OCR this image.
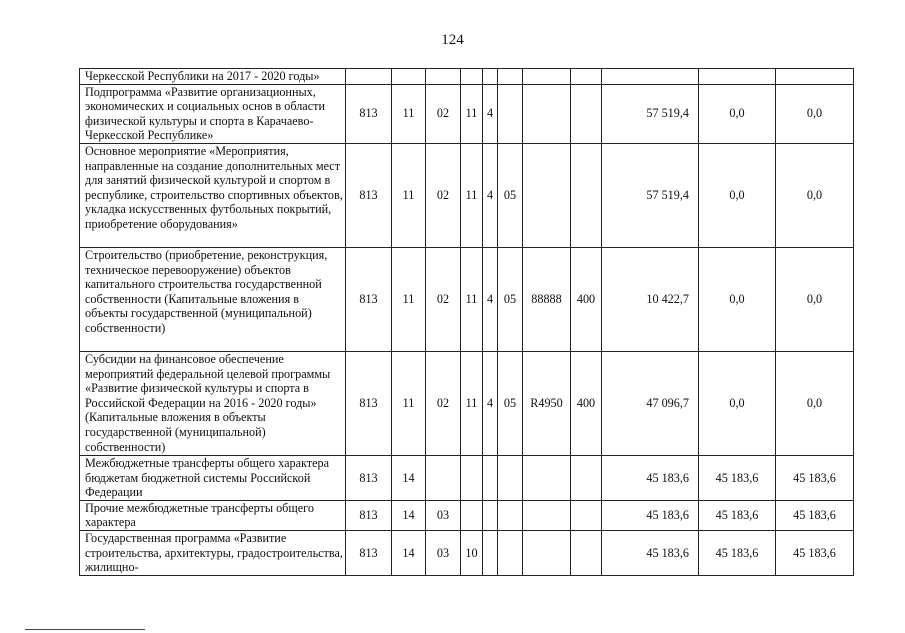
124
Черкесской Республики на 2017 - 2020 годы»											
Подпрограмма «Развитие организационных, экономических и социальных основ в области физической культуры и спорта в Карачаево-Черкесской Республике»	813	11	02	11	4				57 519,4	0,0	0,0
Основное мероприятие «Мероприятия, направленные на создание дополнительных мест для занятий физической культурой и спортом в республике, строительство спортивных объектов, укладка искусственных футбольных покрытий, приобретение оборудования»	813	11	02	11	4	05			57 519,4	0,0	0,0
Строительство (приобретение, реконструкция, техническое перевооружение) объектов капитального строительства государственной собственности (Капитальные вложения в объекты государственной (муниципальной) собственности)	813	11	02	11	4	05	88888	400	10 422,7	0,0	0,0
Субсидии на финансовое обеспечение мероприятий федеральной целевой программы «Развитие физической культуры и спорта в Российской Федерации на 2016 - 2020 годы» (Капитальные вложения в объекты государственной (муниципальной) собственности)	813	11	02	11	4	05	R4950	400	47 096,7	0,0	0,0
Межбюджетные трансферты общего характера бюджетам бюджетной системы Российской Федерации	813	14							45 183,6	45 183,6	45 183,6
Прочие межбюджетные трансферты общего характера	813	14	03						45 183,6	45 183,6	45 183,6
Государственная программа «Развитие строительства, архитектуры, градостроительства, жилищно-	813	14	03	10					45 183,6	45 183,6	45 183,6
